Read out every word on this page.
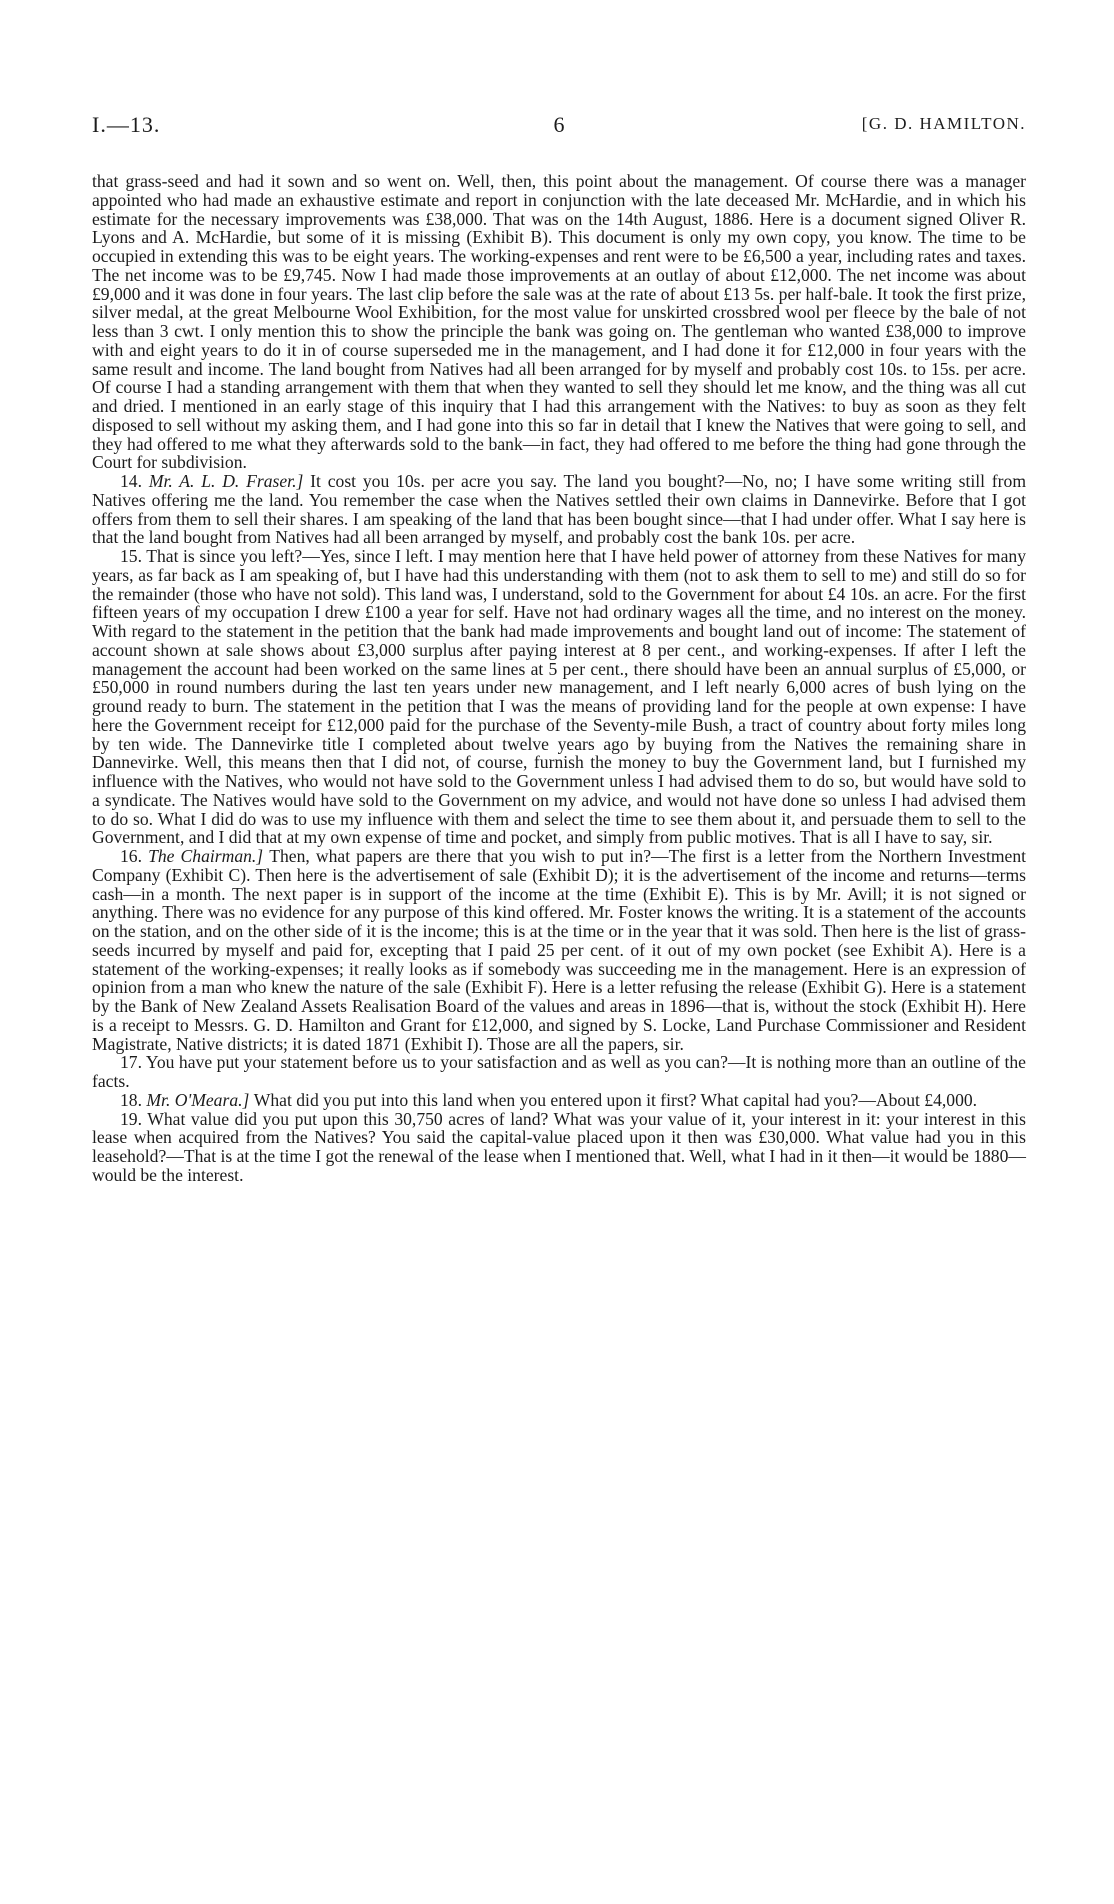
I.—13.	6	[G. D. HAMILTON.

that grass-seed and had it sown and so went on. Well, then, this point about the management. Of course there was a manager appointed who had made an exhaustive estimate and report in conjunction with the late deceased Mr. McHardie, and in which his estimate for the necessary improvements was £38,000. That was on the 14th August, 1886. Here is a document signed Oliver R. Lyons and A. McHardie, but some of it is missing (Exhibit B). This document is only my own copy, you know. The time to be occupied in extending this was to be eight years. The working-expenses and rent were to be £6,500 a year, including rates and taxes. The net income was to be £9,745. Now I had made those improvements at an outlay of about £12,000. The net income was about £9,000 and it was done in four years. The last clip before the sale was at the rate of about £13 5s. per half-bale. It took the first prize, silver medal, at the great Melbourne Wool Exhibition, for the most value for unskirted crossbred wool per fleece by the bale of not less than 3 cwt. I only mention this to show the principle the bank was going on. The gentleman who wanted £38,000 to improve with and eight years to do it in of course superseded me in the management, and I had done it for £12,000 in four years with the same result and income. The land bought from Natives had all been arranged for by myself and probably cost 10s. to 15s. per acre. Of course I had a standing arrangement with them that when they wanted to sell they should let me know, and the thing was all cut and dried. I mentioned in an early stage of this inquiry that I had this arrangement with the Natives: to buy as soon as they felt disposed to sell without my asking them, and I had gone into this so far in detail that I knew the Natives that were going to sell, and they had offered to me what they afterwards sold to the bank—in fact, they had offered to me before the thing had gone through the Court for subdivision.

14. Mr. A. L. D. Fraser.] It cost you 10s. per acre you say. The land you bought?—No, no; I have some writing still from Natives offering me the land. You remember the case when the Natives settled their own claims in Dannevirke. Before that I got offers from them to sell their shares. I am speaking of the land that has been bought since—that I had under offer. What I say here is that the land bought from Natives had all been arranged by myself, and probably cost the bank 10s. per acre.

15. That is since you left?—Yes, since I left. I may mention here that I have held power of attorney from these Natives for many years, as far back as I am speaking of, but I have had this understanding with them (not to ask them to sell to me) and still do so for the remainder (those who have not sold). This land was, I understand, sold to the Government for about £4 10s. an acre. For the first fifteen years of my occupation I drew £100 a year for self. Have not had ordinary wages all the time, and no interest on the money. With regard to the statement in the petition that the bank had made improvements and bought land out of income: The statement of account shown at sale shows about £3,000 surplus after paying interest at 8 per cent., and working-expenses. If after I left the management the account had been worked on the same lines at 5 per cent., there should have been an annual surplus of £5,000, or £50,000 in round numbers during the last ten years under new management, and I left nearly 6,000 acres of bush lying on the ground ready to burn. The statement in the petition that I was the means of providing land for the people at own expense: I have here the Government receipt for £12,000 paid for the purchase of the Seventy-mile Bush, a tract of country about forty miles long by ten wide. The Dannevirke title I completed about twelve years ago by buying from the Natives the remaining share in Dannevirke. Well, this means then that I did not, of course, furnish the money to buy the Government land, but I furnished my influence with the Natives, who would not have sold to the Government unless I had advised them to do so, but would have sold to a syndicate. The Natives would have sold to the Government on my advice, and would not have done so unless I had advised them to do so. What I did do was to use my influence with them and select the time to see them about it, and persuade them to sell to the Government, and I did that at my own expense of time and pocket, and simply from public motives. That is all I have to say, sir.

16. The Chairman.] Then, what papers are there that you wish to put in?—The first is a letter from the Northern Investment Company (Exhibit C). Then here is the advertisement of sale (Exhibit D); it is the advertisement of the income and returns—terms cash—in a month. The next paper is in support of the income at the time (Exhibit E). This is by Mr. Avill; it is not signed or anything. There was no evidence for any purpose of this kind offered. Mr. Foster knows the writing. It is a statement of the accounts on the station, and on the other side of it is the income; this is at the time or in the year that it was sold. Then here is the list of grass-seeds incurred by myself and paid for, excepting that I paid 25 per cent. of it out of my own pocket (see Exhibit A). Here is a statement of the working-expenses; it really looks as if somebody was succeeding me in the management. Here is an expression of opinion from a man who knew the nature of the sale (Exhibit F). Here is a letter refusing the release (Exhibit G). Here is a statement by the Bank of New Zealand Assets Realisation Board of the values and areas in 1896—that is, without the stock (Exhibit H). Here is a receipt to Messrs. G. D. Hamilton and Grant for £12,000, and signed by S. Locke, Land Purchase Commissioner and Resident Magistrate, Native districts; it is dated 1871 (Exhibit I). Those are all the papers, sir.

17. You have put your statement before us to your satisfaction and as well as you can?—It is nothing more than an outline of the facts.

18. Mr. O'Meara.] What did you put into this land when you entered upon it first? What capital had you?—About £4,000.

19. What value did you put upon this 30,750 acres of land? What was your value of it, your interest in it: your interest in this lease when acquired from the Natives? You said the capital-value placed upon it then was £30,000. What value had you in this leasehold?—That is at the time I got the renewal of the lease when I mentioned that. Well, what I had in it then—it would be 1880—would be the interest.
